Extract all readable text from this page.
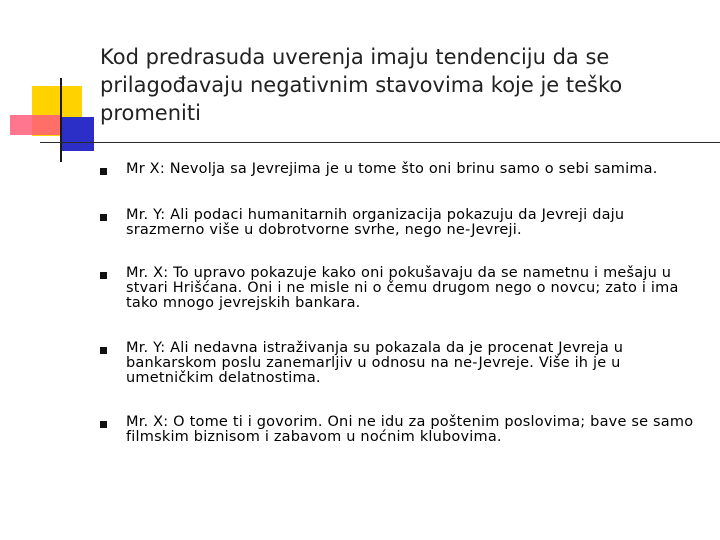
Kod predrasuda uverenja imaju tendenciju da se prilagođavaju negativnim stavovima koje je teško promeniti
Mr X: Nevolja sa Jevrejima je u tome što oni brinu samo o sebi samima.
Mr. Y: Ali podaci humanitarnih organizacija pokazuju da Jevreji daju srazmerno više u dobrotvorne svrhe, nego ne-Jevreji.
Mr. X: To upravo pokazuje kako oni pokušavaju da se nametnu i mešaju u stvari Hrišćana. Oni i ne misle ni o čemu drugom nego o novcu; zato i ima tako mnogo jevrejskih bankara.
Mr. Y: Ali nedavna istraživanja su pokazala da je procenat Jevreja u bankarskom poslu zanemarljiv u odnosu na ne-Jevreje. Više ih je u umetničkim delatnostima.
Mr. X: O tome ti i govorim. Oni ne idu za poštenim poslovima; bave se samo filmskim biznisom i zabavom u noćnim klubovima.
